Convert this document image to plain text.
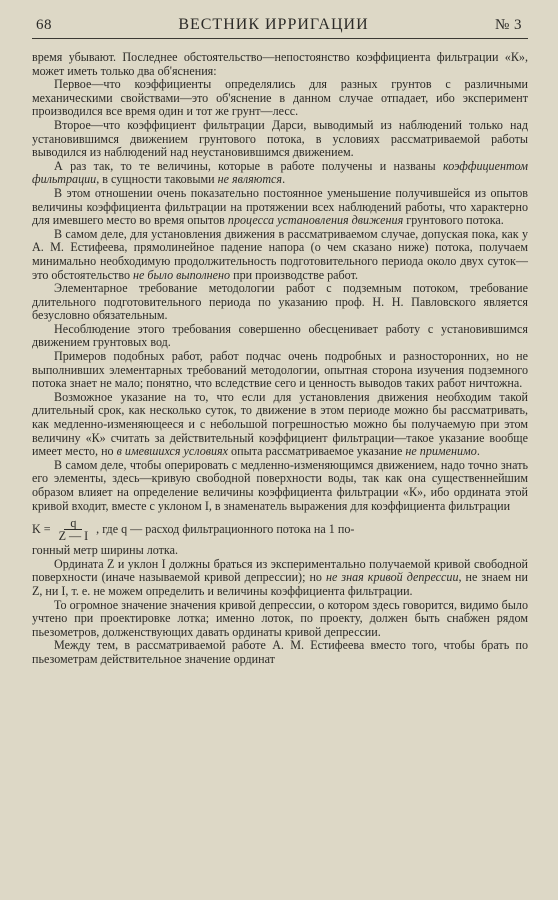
68	ВЕСТНИК ИРРИГАЦИИ	№ 3

время убывают. Последнее обстоятельство—непостоянство коэффициента фильтрации «К», может иметь только два об'яснения:

Первое—что коэффициенты определялись для разных грунтов с различными механическими свойствами—это об'яснение в данном случае отпадает, ибо эксперимент производился все время один и тот же грунт—лесс.

Второе—что коэффициент фильтрации Дарси, выводимый из наблюдений только над установившимся движением грунтового потока, в условиях рассматриваемой работы выводился из наблюдений над неустановившимся движением.

А раз так, то те величины, которые в работе получены и названы коэффициентом фильтрации, в сущности таковыми не являются.

В этом отношении очень показательно постоянное уменьшение получившейся из опытов величины коэффициента фильтрации на протяжении всех наблюдений работы, что характерно для имевшего место во время опытов процесса установления движения грунтового потока.

В самом деле, для установления движения в рассматриваемом случае, допуская пока, как у А. М. Естифеева, прямолинейное падение напора (о чем сказано ниже) потока, получаем минимально необходимую продолжительность подготовительного периода около двух суток—это обстоятельство не было выполнено при производстве работ.

Элементарное требование методологии работ с подземным потоком, требование длительного подготовительного периода по указанию проф. Н. Н. Павловского является безусловно обязательным.

Несоблюдение этого требования совершенно обесценивает работу с установившимся движением грунтовых вод.

Примеров подобных работ, работ подчас очень подробных и разносторонних, но не выполнивших элементарных требований методологии, опытная сторона изучения подземного потока знает не мало; понятно, что вследствие сего и ценность выводов таких работ ничтожна.

Возможное указание на то, что если для установления движения необходим такой длительный срок, как несколько суток, то движение в этом периоде можно бы рассматривать, как медленно-изменяющееся и с небольшой погрешностью можно бы получаемую при этом величину «К» считать за действительный коэффициент фильтрации—такое указание вообще имеет место, но в имевшихся условиях опыта рассматриваемое указание не применимо.

В самом деле, чтобы оперировать с медленно-изменяющимся движением, надо точно знать его элементы, здесь—кривую свободной поверхности воды, так как она существеннейшим образом влияет на определение величины коэффициента фильтрации «К», ибо ордината этой кривой входит, вместе с уклоном I, в знаменатель выражения для коэффициента фильтрации

$K = \frac{q}{Z — I}$ , где q — расход фильтрационного потока на 1 по-

гонный метр ширины лотка.

Ордината Z и уклон I должны браться из экспериментально получаемой кривой свободной поверхности (иначе называемой кривой депрессии); но не зная кривой депрессии, не знаем ни Z, ни I, т. е. не можем определить и величины коэффициента фильтрации.

То огромное значение значения кривой депрессии, о котором здесь говорится, видимо было учтено при проектировке лотка; именно лоток, по проекту, должен быть снабжен рядом пьезометров, долженствующих давать ординаты кривой депрессии.

Между тем, в рассматриваемой работе А. М. Естифеева вместо того, чтобы брать по пьезометрам действительное значение ординат
